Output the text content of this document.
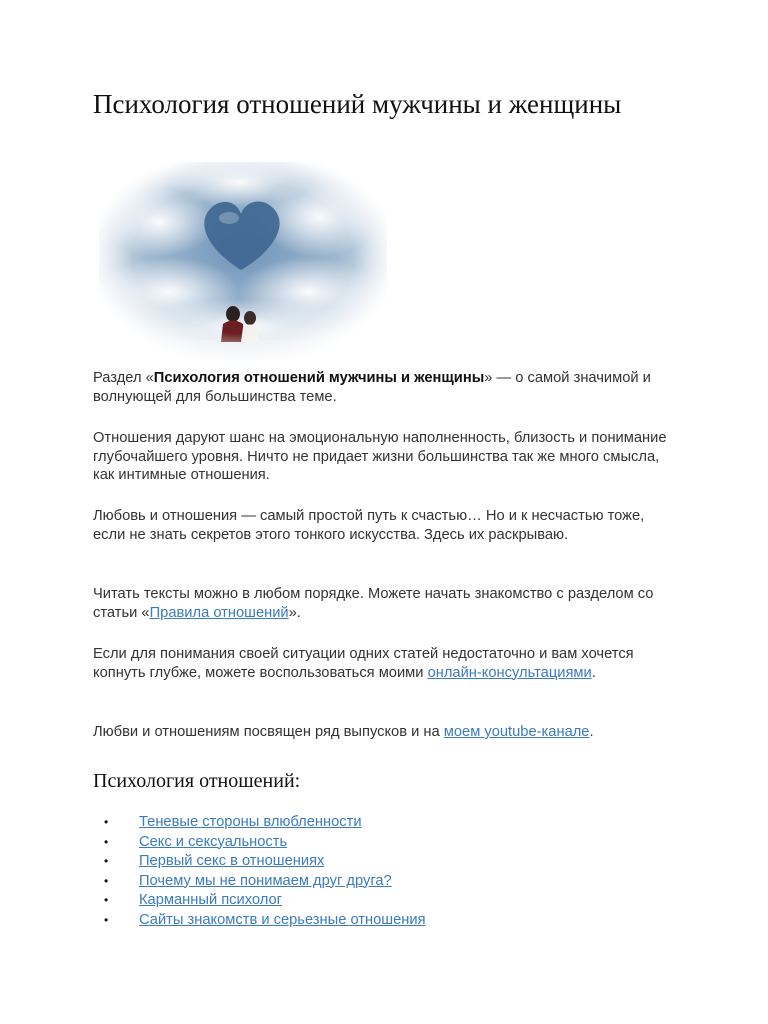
Психология отношений мужчины и женщины

Раздел «Психология отношений мужчины и женщины» — о самой значимой и волнующей для большинства теме.

Отношения даруют шанс на эмоциональную наполненность, близость и понимание глубочайшего уровня. Ничто не придает жизни большинства так же много смысла, как интимные отношения.

Любовь и отношения — самый простой путь к счастью… Но и к несчастью тоже, если не знать секретов этого тонкого искусства. Здесь их раскрываю.

Читать тексты можно в любом порядке. Можете начать знакомство с разделом со статьи «Правила отношений».

Если для понимания своей ситуации одних статей недостаточно и вам хочется копнуть глубже, можете воспользоваться моими онлайн-консультациями.

Любви и отношениям посвящен ряд выпусков и на моем youtube-канале.

Психология отношений:
• Теневые стороны влюбленности
• Секс и сексуальность
• Первый секс в отношениях
• Почему мы не понимаем друг друга?
• Карманный психолог
• Сайты знакомств и серьезные отношения
